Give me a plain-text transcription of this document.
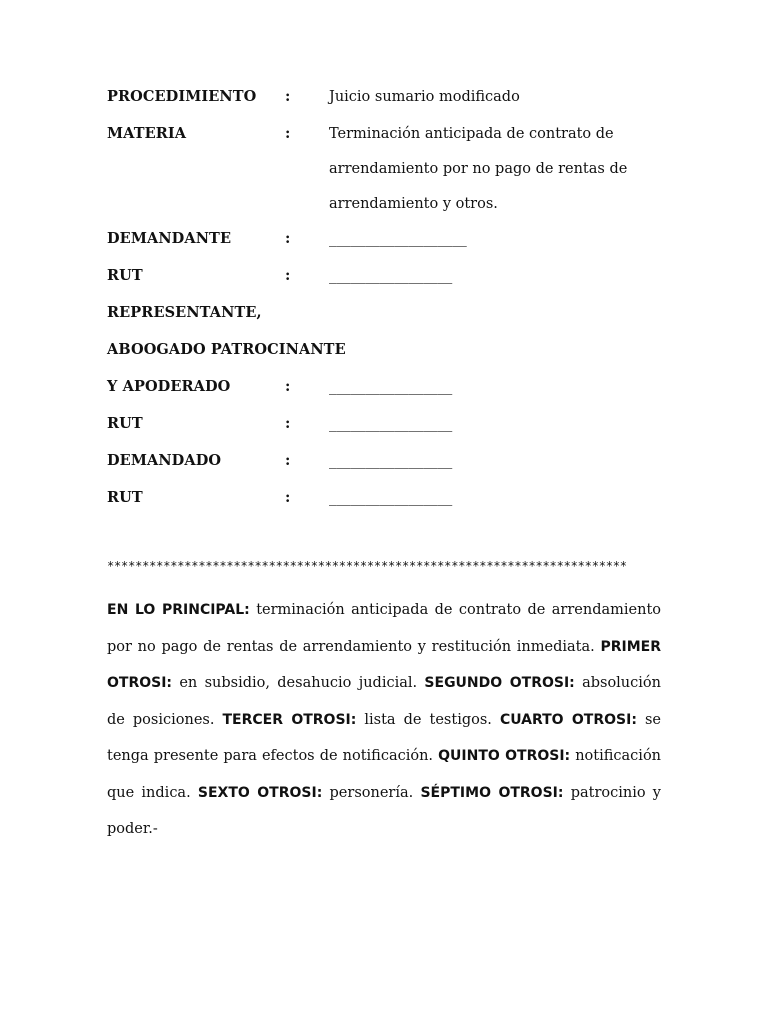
PROCEDIMIENTO :	Juicio sumario modificado
MATERIA	:	Terminación anticipada de contrato de
arrendamiento por no pago de rentas de
arrendamiento y otros.
DEMANDANTE	:	___________________
RUT	:	_________________
REPRESENTANTE,
ABOOGADO PATROCINANTE
Y APODERADO	:	_________________
RUT	:	_________________
DEMANDADO	:	_________________
RUT	:	_________________
**************************************************************************
EN LO PRINCIPAL: terminación anticipada de contrato de arrendamiento por no pago de rentas de arrendamiento y restitución inmediata. PRIMER OTROSI: en subsidio, desahucio judicial. SEGUNDO OTROSI: absolución de posiciones. TERCER OTROSI: lista de testigos. CUARTO OTROSI: se tenga presente para efectos de notificación. QUINTO OTROSI: notificación que indica. SEXTO OTROSI: personería. SÉPTIMO OTROSI: patrocinio y poder.-
